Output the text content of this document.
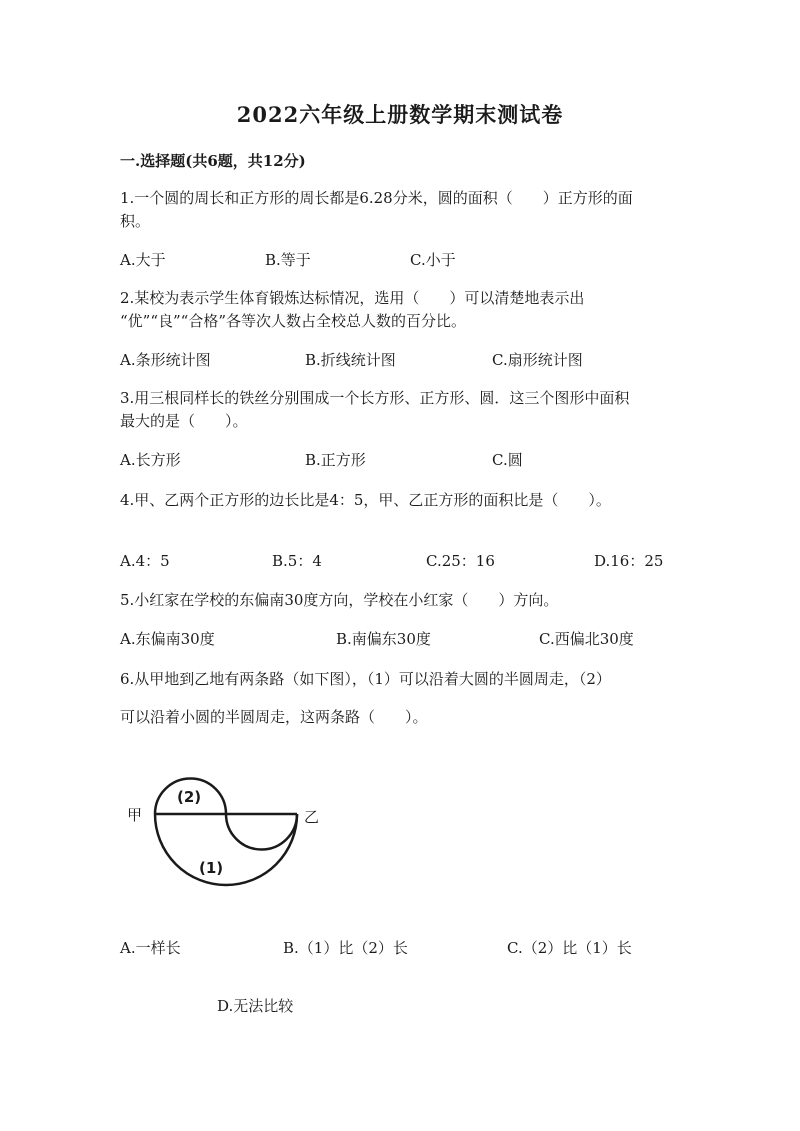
2022六年级上册数学期末测试卷
一.选择题(共6题，共12分)
1.一个圆的周长和正方形的周长都是6.28分米，圆的面积（　　）正方形的面
积。
A.大于	B.等于	C.小于
2.某校为表示学生体育锻炼达标情况，选用（　　）可以清楚地表示出
“优”“良”“合格”各等次人数占全校总人数的百分比。
A.条形统计图	B.折线统计图	C.扇形统计图
3.用三根同样长的铁丝分别围成一个长方形、正方形、圆．这三个图形中面积
最大的是（　　）。
A.长方形	B.正方形	C.圆
4.甲、乙两个正方形的边长比是4：5，甲、乙正方形的面积比是（　　）。
A.4：5	B.5：4	C.25：16	D.16：25
5.小红家在学校的东偏南30度方向，学校在小红家（　　）方向。
A.东偏南30度	B.南偏东30度	C.西偏北30度
6.从甲地到乙地有两条路（如下图），（1）可以沿着大圆的半圆周走，（2）
可以沿着小圆的半圆周走，这两条路（　　）。
甲	乙
(2)
(1)
A.一样长	B.（1）比（2）长	C.（2）比（1）长
D.无法比较
